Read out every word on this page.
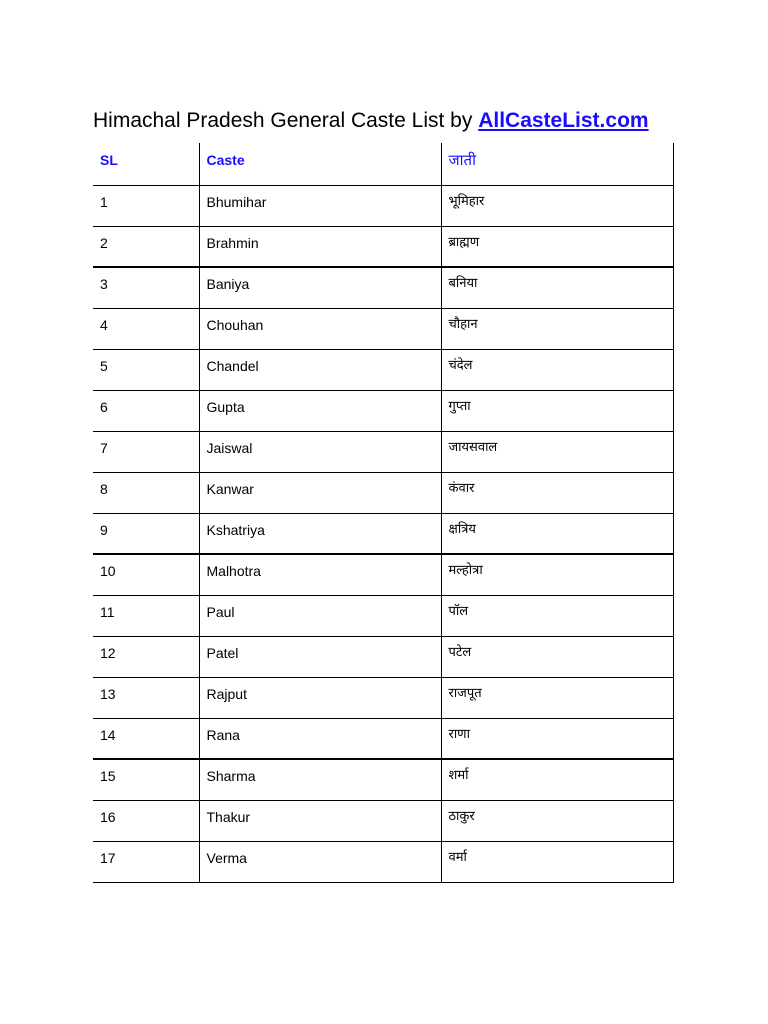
Himachal Pradesh General Caste List by AllCasteList.com
SL	Caste	जाती
1	Bhumihar	भूमिहार
2	Brahmin	ब्राह्मण
3	Baniya	बनिया
4	Chouhan	चौहान
5	Chandel	चंदेल
6	Gupta	गुप्ता
7	Jaiswal	जायसवाल
8	Kanwar	कंवार
9	Kshatriya	क्षत्रिय
10	Malhotra	मल्होत्रा
11	Paul	पॉल
12	Patel	पटेल
13	Rajput	राजपूत
14	Rana	राणा
15	Sharma	शर्मा
16	Thakur	ठाकुर
17	Verma	वर्मा
